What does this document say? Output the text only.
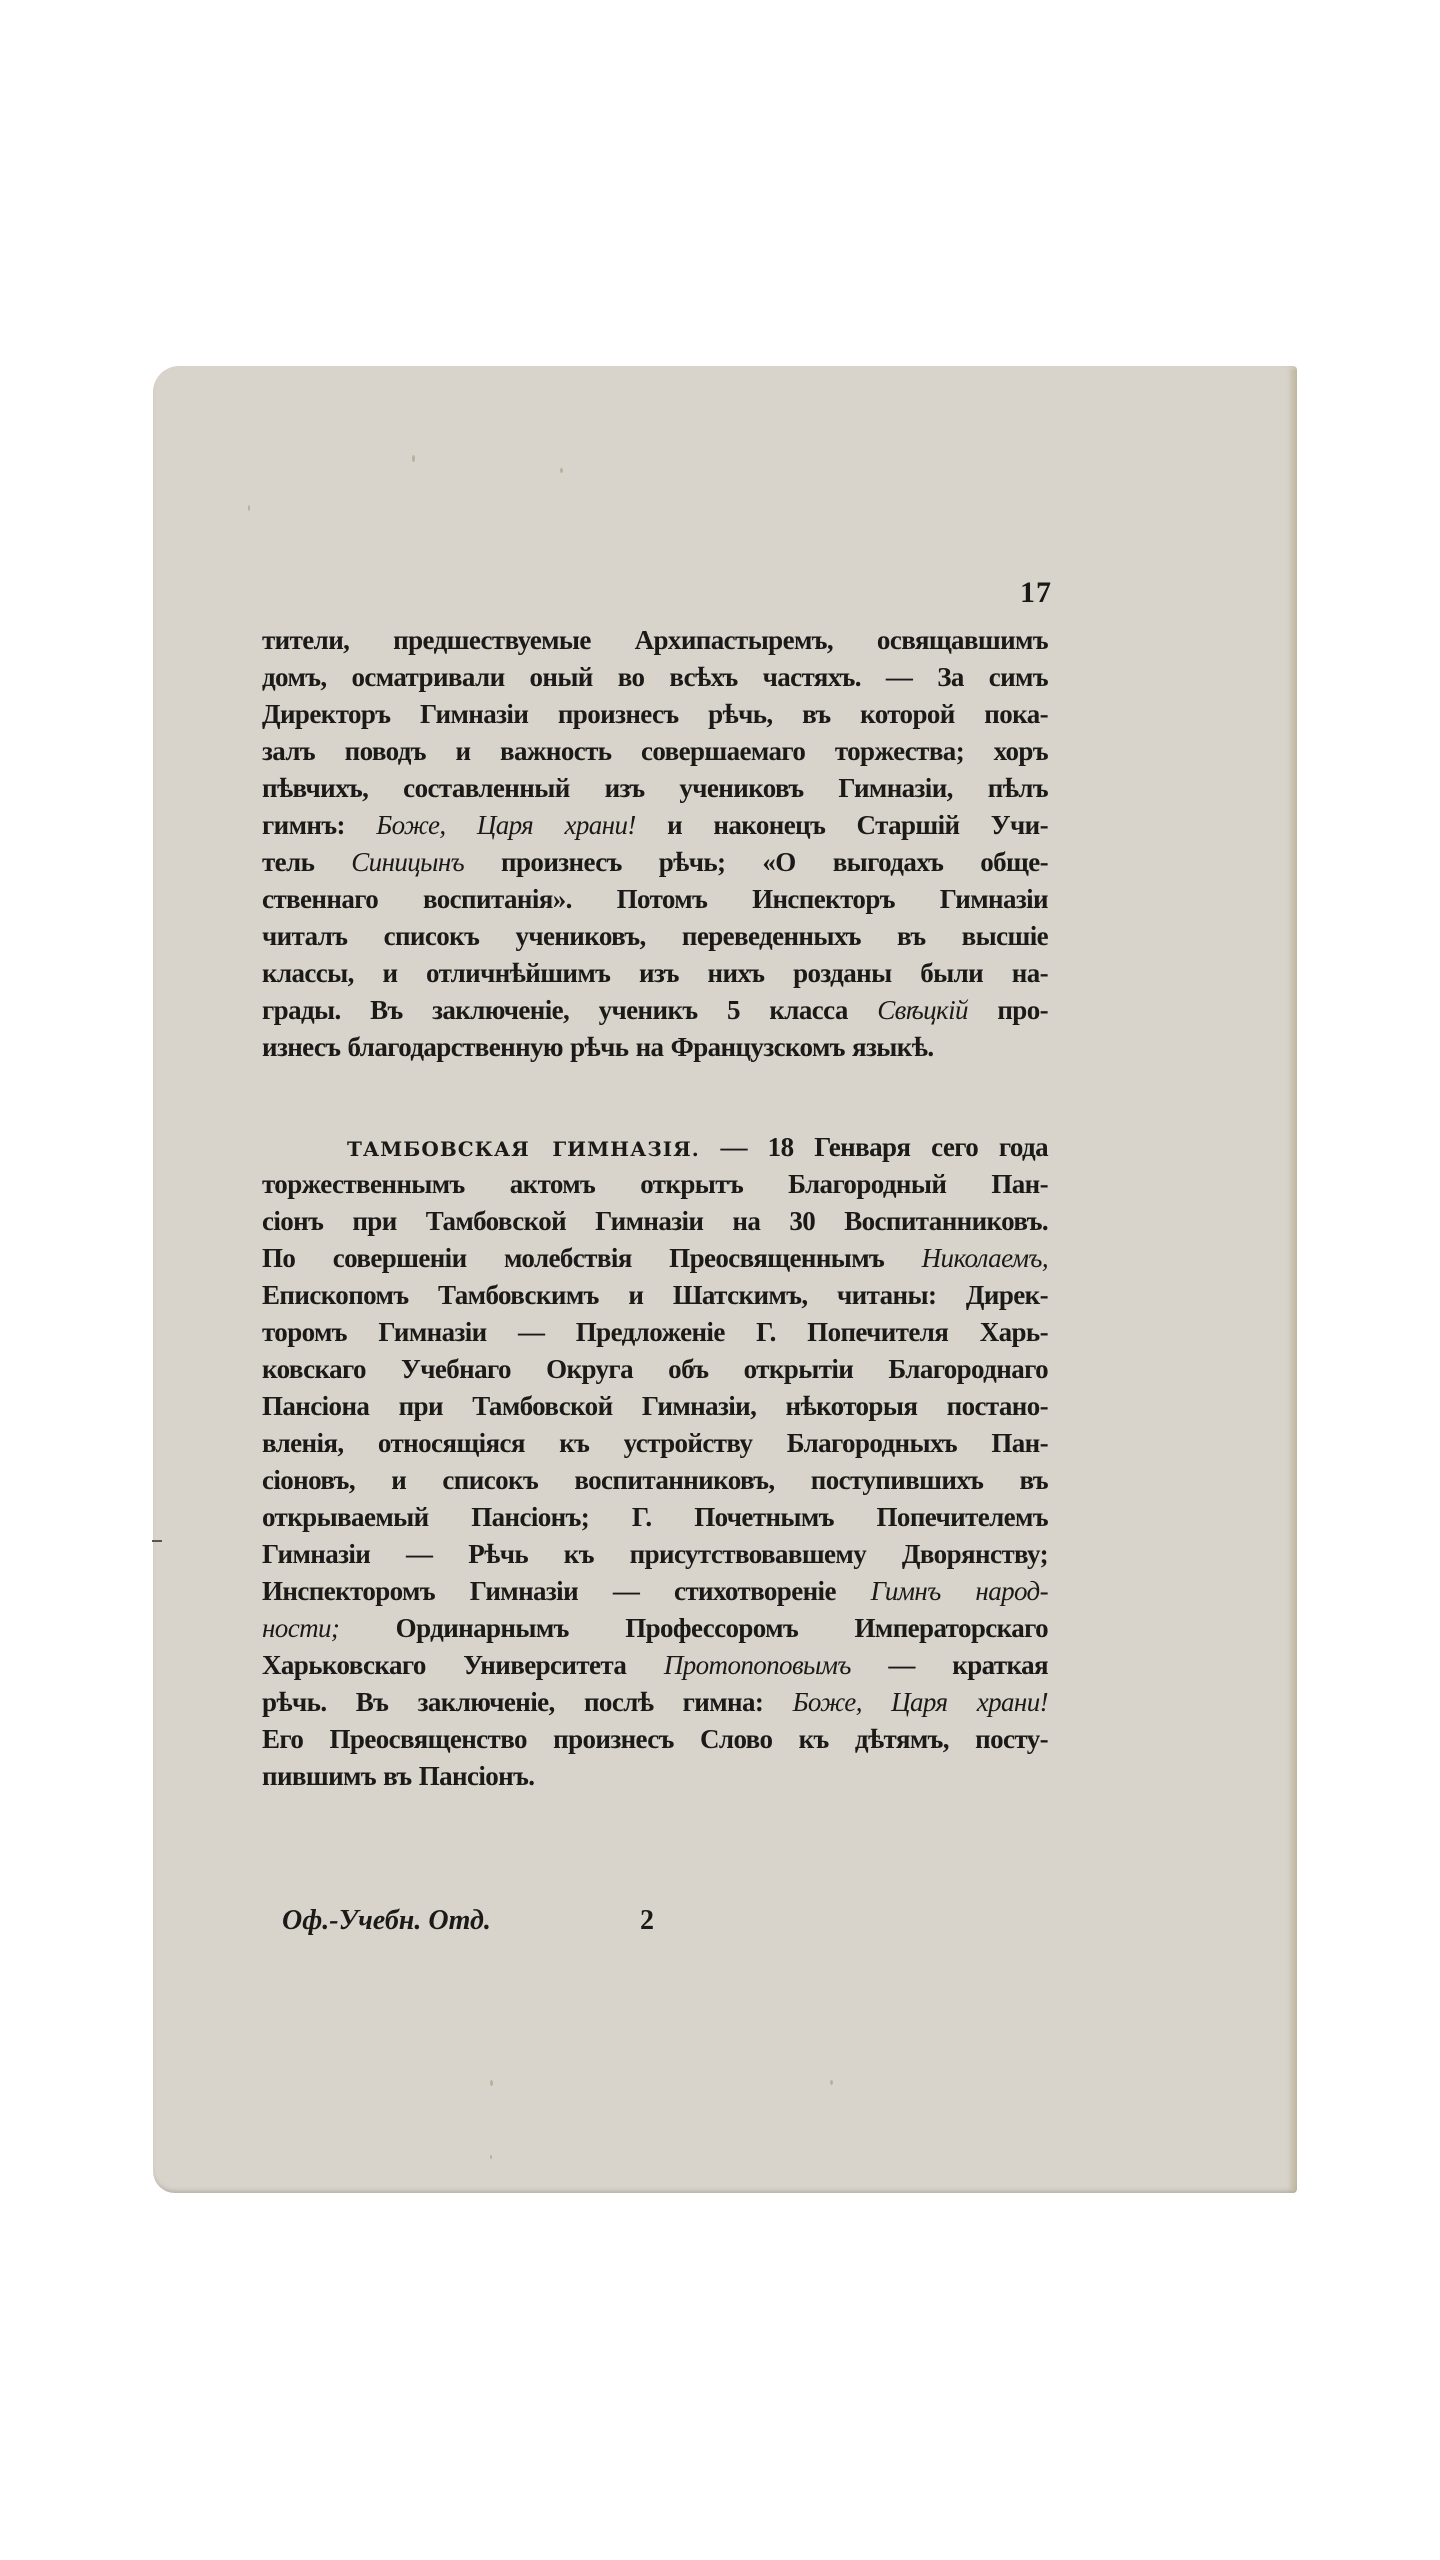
17
тители, предшествуемые Архипастыремъ, освящавшимъ
домъ, осматривали оный во всѣхъ частяхъ. — За симъ
Директоръ Гимназіи произнесъ рѣчь, въ которой пока-
залъ поводъ и важность совершаемаго торжества; хоръ
пѣвчихъ, составленный изъ учениковъ Гимназіи, пѣлъ
гимнъ: Боже, Царя храни! и наконецъ Старшій Учи-
тель Синицынъ произнесъ рѣчь; «О выгодахъ обще-
ственнаго воспитанія». Потомъ Инспекторъ Гимназіи
читалъ списокъ учениковъ, переведенныхъ въ высшіе
классы, и отличнѣйшимъ изъ нихъ розданы были на-
грады. Въ заключеніе, ученикъ 5 класса Свѣцкій про-
изнесъ благодарственную рѣчь на Французскомъ языкѣ.
ТАМБОВСКАЯ ГИМНАЗІЯ. — 18 Генваря сего года
торжественнымъ актомъ открытъ Благородный Пан-
сіонъ при Тамбовской Гимназіи на 30 Воспитанниковъ.
По совершеніи молебствія Преосвященнымъ Николаемъ,
Епископомъ Тамбовскимъ и Шатскимъ, читаны: Дирек-
торомъ Гимназіи — Предложеніе Г. Попечителя Харь-
ковскаго Учебнаго Округа объ открытіи Благороднаго
Пансіона при Тамбовской Гимназіи, нѣкоторыя постано-
вленія, относящіяся къ устройству Благородныхъ Пан-
сіоновъ, и списокъ воспитанниковъ, поступившихъ въ
открываемый Пансіонъ; Г. Почетнымъ Попечителемъ
Гимназіи — Рѣчь къ присутствовавшему Дворянству;
Инспекторомъ Гимназіи — стихотвореніе Гимнъ народ-
ности; Ординарнымъ Профессоромъ Императорскаго
Харьковскаго Университета Протопоповымъ — краткая
рѣчь. Въ заключеніе, послѣ гимна: Боже, Царя храни!
Его Преосвященство произнесъ Слово къ дѣтямъ, посту-
пившимъ въ Пансіонъ.
Оф.-Учебн. Отд.	2
